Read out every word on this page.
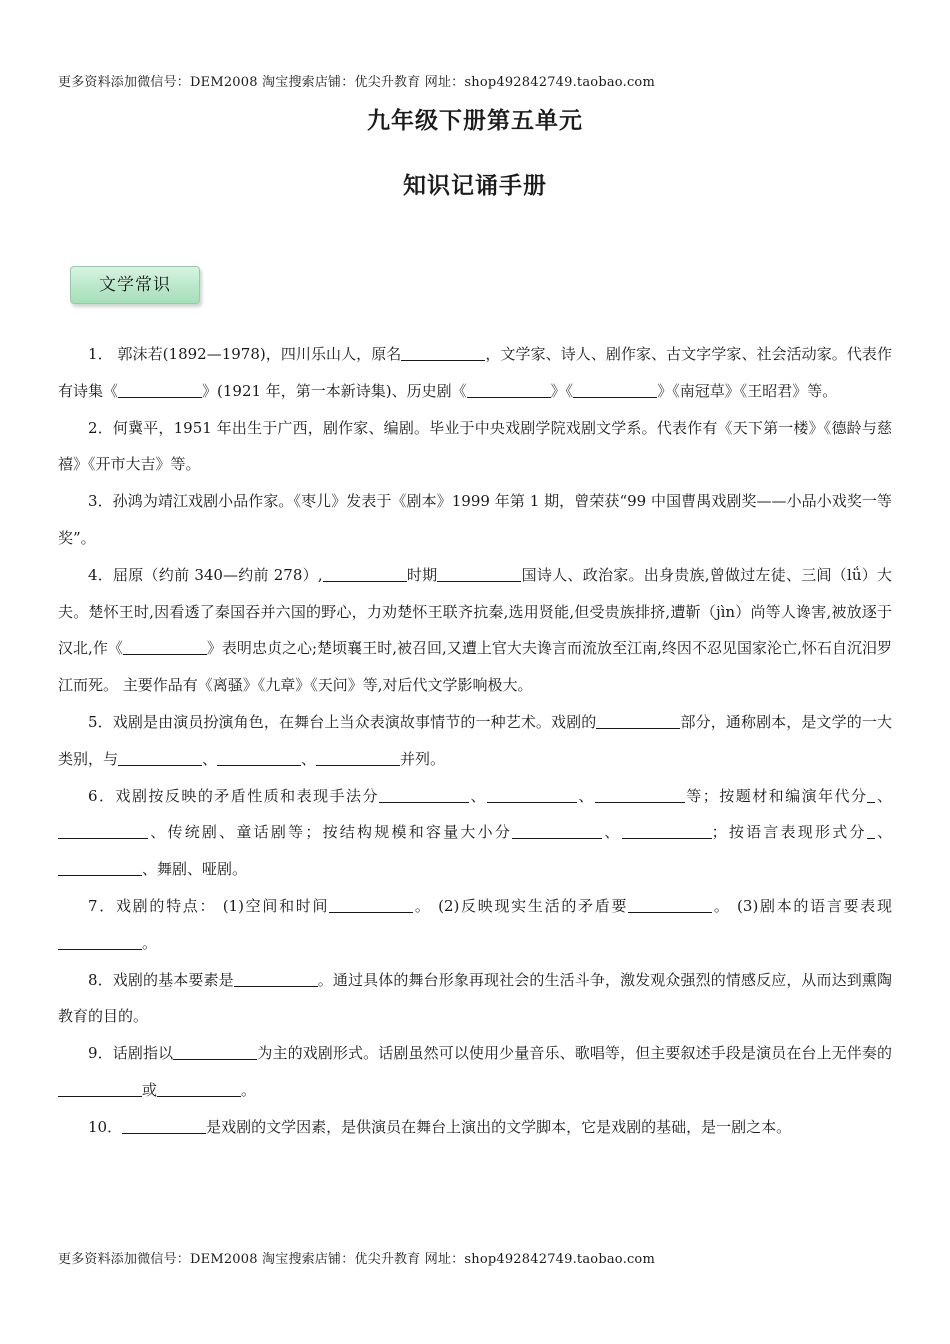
更多资料添加微信号：DEM2008 淘宝搜索店铺：优尖升教育 网址：shop492842749.taobao.com
九年级下册第五单元
知识记诵手册
文学常识

1． 郭沫若(1892—1978)，四川乐山人，原名	，文学家、诗人、剧作家、古文字学家、社会活动家。代表作有诗集《	》(1921 年，第一本新诗集)、历史剧《	》《	》《南冠草》《王昭君》等。

2．何冀平，1951 年出生于广西，剧作家、编剧。毕业于中央戏剧学院戏剧文学系。代表作有《天下第一楼》《德龄与慈禧》《开市大吉》等。

3．孙鸿为靖江戏剧小品作家。《枣儿》发表于《剧本》1999 年第 1 期，曾荣获“99 中国曹禺戏剧奖——小品小戏奖一等奖”。

4．屈原（约前 340—约前 278）,	时期	国诗人、政治家。出身贵族,曾做过左徒、三闾（lǘ）大夫。楚怀王时,因看透了秦国吞并六国的野心，力劝楚怀王联齐抗秦,选用贤能,但受贵族排挤,遭靳（jìn）尚等人谗害,被放逐于汉北,作《	》表明忠贞之心;楚顷襄王时,被召回,又遭上官大夫谗言而流放至江南,终因不忍见国家沦亡,怀石自沉汨罗江而死。 主要作品有《离骚》《九章》《天问》等,对后代文学影响极大。

5．戏剧是由演员扮演角色，在舞台上当众表演故事情节的一种艺术。戏剧的	部分，通称剧本，是文学的一大类别，与	、	、	并列。

6．戏剧按反映的矛盾性质和表现手法分	、	、	等；按题材和编演年代分 、、传统剧、童话剧等；按结构规模和容量大小分	、	；按语言表现形式分 、、舞剧、哑剧。

7．戏剧的特点： (1)空间和时间	。 (2)反映现实生活的矛盾要	。 (3)剧本的语言要表现。

8．戏剧的基本要素是	。通过具体的舞台形象再现社会的生活斗争，激发观众强烈的情感反应，从而达到熏陶教育的目的。

9．话剧指以	为主的戏剧形式。话剧虽然可以使用少量音乐、歌唱等，但主要叙述手段是演员在台上无伴奏的或	。

10．	是戏剧的文学因素，是供演员在舞台上演出的文学脚本，它是戏剧的基础，是一剧之本。

更多资料添加微信号：DEM2008 淘宝搜索店铺：优尖升教育 网址：shop492842749.taobao.com
